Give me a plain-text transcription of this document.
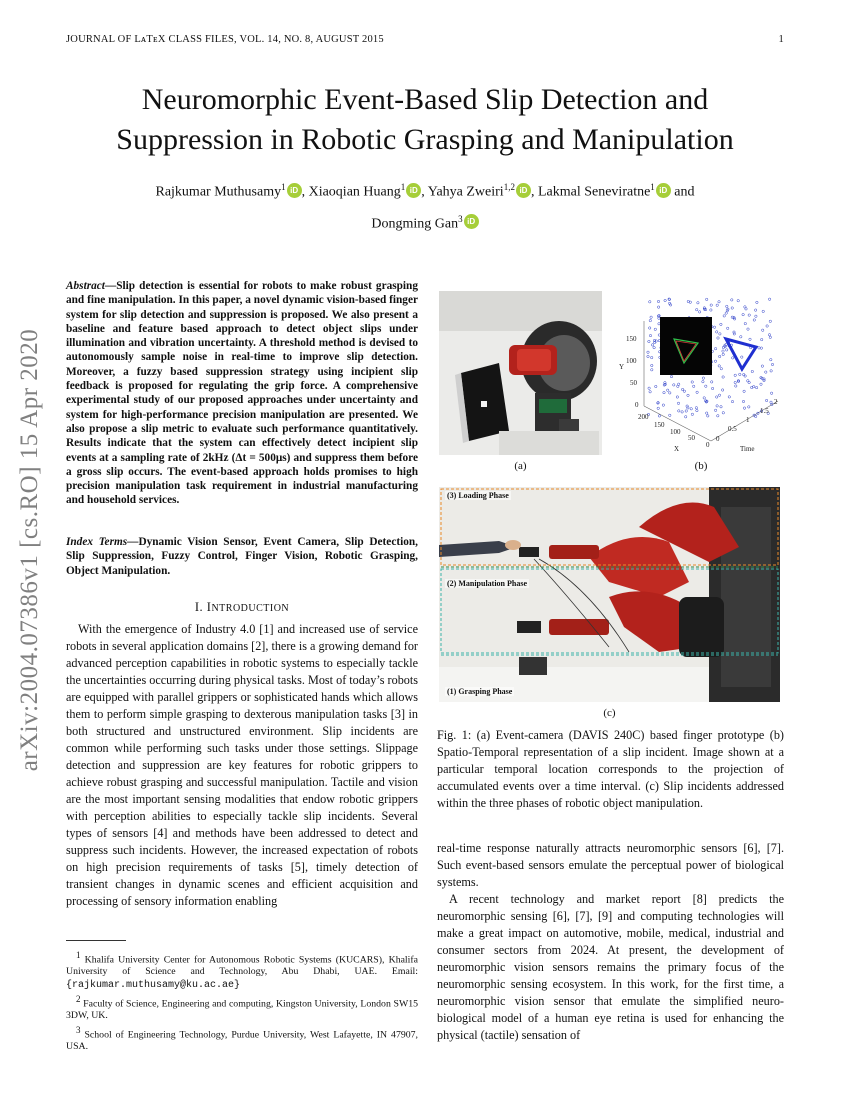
JOURNAL OF LᴀTᴇX CLASS FILES, VOL. 14, NO. 8, AUGUST 2015	1
Neuromorphic Event-Based Slip Detection and
Suppression in Robotic Grasping and Manipulation
Rajkumar Muthusamy$^1$ iD , Xiaoqian Huang$^1$ iD , Yahya Zweiri$^{1,2}$ iD , Lakmal Seneviratne$^1$ iD and
Dongming Gan$^3$ iD
arXiv:2004.07386v1 [cs.RO] 15 Apr 2020
Abstract—Slip detection is essential for robots to make robust grasping and fine manipulation. In this paper, a novel dynamic vision-based finger system for slip detection and suppression is proposed. We also present a baseline and feature based approach to detect object slips under illumination and vibration uncertainty. A threshold method is devised to autonomously sample noise in real-time to improve slip detection. Moreover, a fuzzy based suppression strategy using incipient slip feedback is proposed for regulating the grip force. A comprehensive experimental study of our proposed approaches under uncertainty and system for high-performance precision manipulation are presented. We also propose a slip metric to evaluate such performance quantitatively. Results indicate that the system can effectively detect incipient slip events at a sampling rate of 2kHz (Δt = 500μs) and suppress them before a gross slip occurs. The event-based approach holds promises to high precision manipulation task requirement in industrial manufacturing and household services.
Index Terms—Dynamic Vision Sensor, Event Camera, Slip Detection, Slip Suppression, Fuzzy Control, Finger Vision, Robotic Grasping, Object Manipulation.
I. INTRODUCTION
With the emergence of Industry 4.0 [1] and increased use of service robots in several application domains [2], there is a growing demand for advanced perception capabilities in robotic systems to especially tackle the uncertainties occurring during physical tasks. Most of today’s robots are equipped with parallel grippers or sophisticated hands which allows them to perform simple grasping to dexterous manipulation tasks [3] in both structured and unstructured environment. Slip incidents are common while performing such tasks under those settings. Slippage detection and suppression are key features for robotic grippers to achieve robust grasping and successful manipulation. Tactile and vision are the most important sensing modalities that endow robotic grippers with perception abilities to especially tackle slip incidents. Several types of sensors [4] and methods have been addressed to detect and suppress such incidents. However, the increased expectation of robots on high precision requirements of tasks [5], timely detection of transient changes in dynamic scenes and efficient acquisition and processing of sensory information enabling

$^1$ Khalifa University Center for Autonomous Robotic Systems (KUCARS), Khalifa University of Science and Technology, Abu Dhabi, UAE. Email: {rajkumar.muthusamy@ku.ac.ae}

$^2$ Faculty of Science, Engineering and computing, Kingston University, London SW15 3DW, UK.

$^3$ School of Engineering Technology, Purdue University, West Lafayette, IN 47907, USA.

(a)
Y
150
100
50
0
200
150
100
50
0
X
0
0.5
1
1.5
2
Time
(b)
(3) Loading Phase
(2) Manipulation Phase
(1) Grasping Phase
(c)
Fig. 1: (a) Event-camera (DAVIS 240C) based finger prototype (b) Spatio-Temporal representation of a slip incident. Image shown at a particular temporal location corresponds to the projection of accumulated events over a time interval. (c) Slip incidents addressed within the three phases of robotic object manipulation.

real-time response naturally attracts neuromorphic sensors [6], [7]. Such event-based sensors emulate the perceptual power of biological systems.

A recent technology and market report [8] predicts the neuromorphic sensing [6], [7], [9] and computing technologies will make a great impact on automotive, mobile, medical, industrial and consumer sectors from 2024. At present, the development of neuromorphic vision sensors remains the primary focus of the neuromorphic sensing ecosystem. In this work, for the first time, a neuromorphic vision sensor that emulate the simplified neuro-biological model of a human eye retina is used for enhancing the physical (tactile) sensation of
